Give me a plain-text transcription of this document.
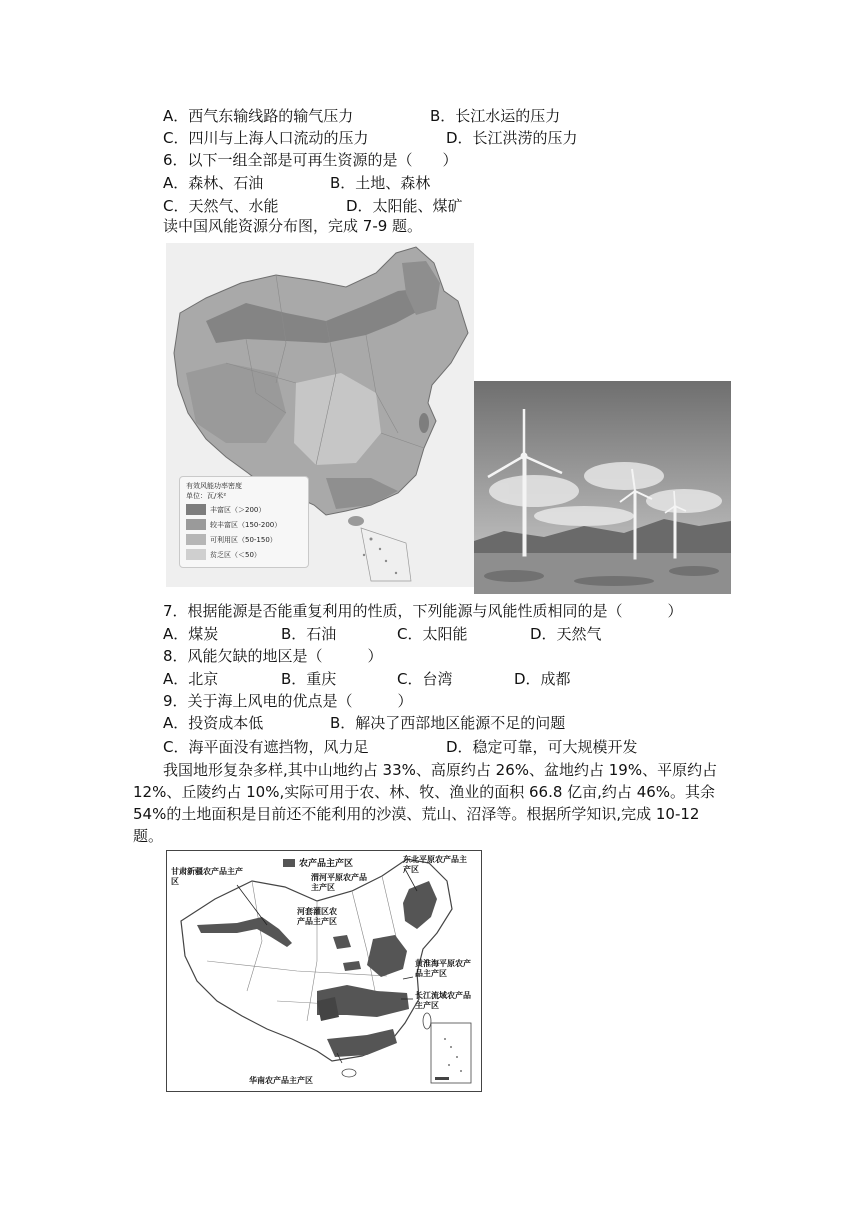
A．西气东输线路的输气压力	B．长江水运的压力
C．四川与上海人口流动的压力	D．长江洪涝的压力
6．以下一组全部是可再生资源的是（　　）
A．森林、石油	B．土地、森林
C．天然气、水能	D．太阳能、煤矿
读中国风能资源分布图，完成 7-9 题。
有效风能功率密度
单位：瓦/米²
丰富区（＞200）
较丰富区（150-200）
可利用区（50-150）
贫乏区（＜50）
7．根据能源是否能重复利用的性质，下列能源与风能性质相同的是（　　　）
A．煤炭	B．石油	C．太阳能	D．天然气
8．风能欠缺的地区是（　　　）
A．北京	B．重庆	C．台湾	D．成都
9．关于海上风电的优点是（　　　）
A．投资成本低	B．解决了西部地区能源不足的问题
C．海平面没有遮挡物，风力足	D．稳定可靠，可大规模开发
我国地形复杂多样,其中山地约占 33%、高原约占 26%、盆地约占 19%、平原约占 12%、丘陵约占 10%,实际可用于农、林、牧、渔业的面积 66.8 亿亩,约占 46%。其余 54%的土地面积是目前还不能利用的沙漠、荒山、沼泽等。根据所学知识,完成 10-12 题。
农产品主产区
甘肃新疆农产品主产区
东北平原农产品主产区
渭河平原农产品主产区
河套灌区农产品主产区
黄淮海平原农产品主产区
长江流域农产品主产区
华南农产品主产区
